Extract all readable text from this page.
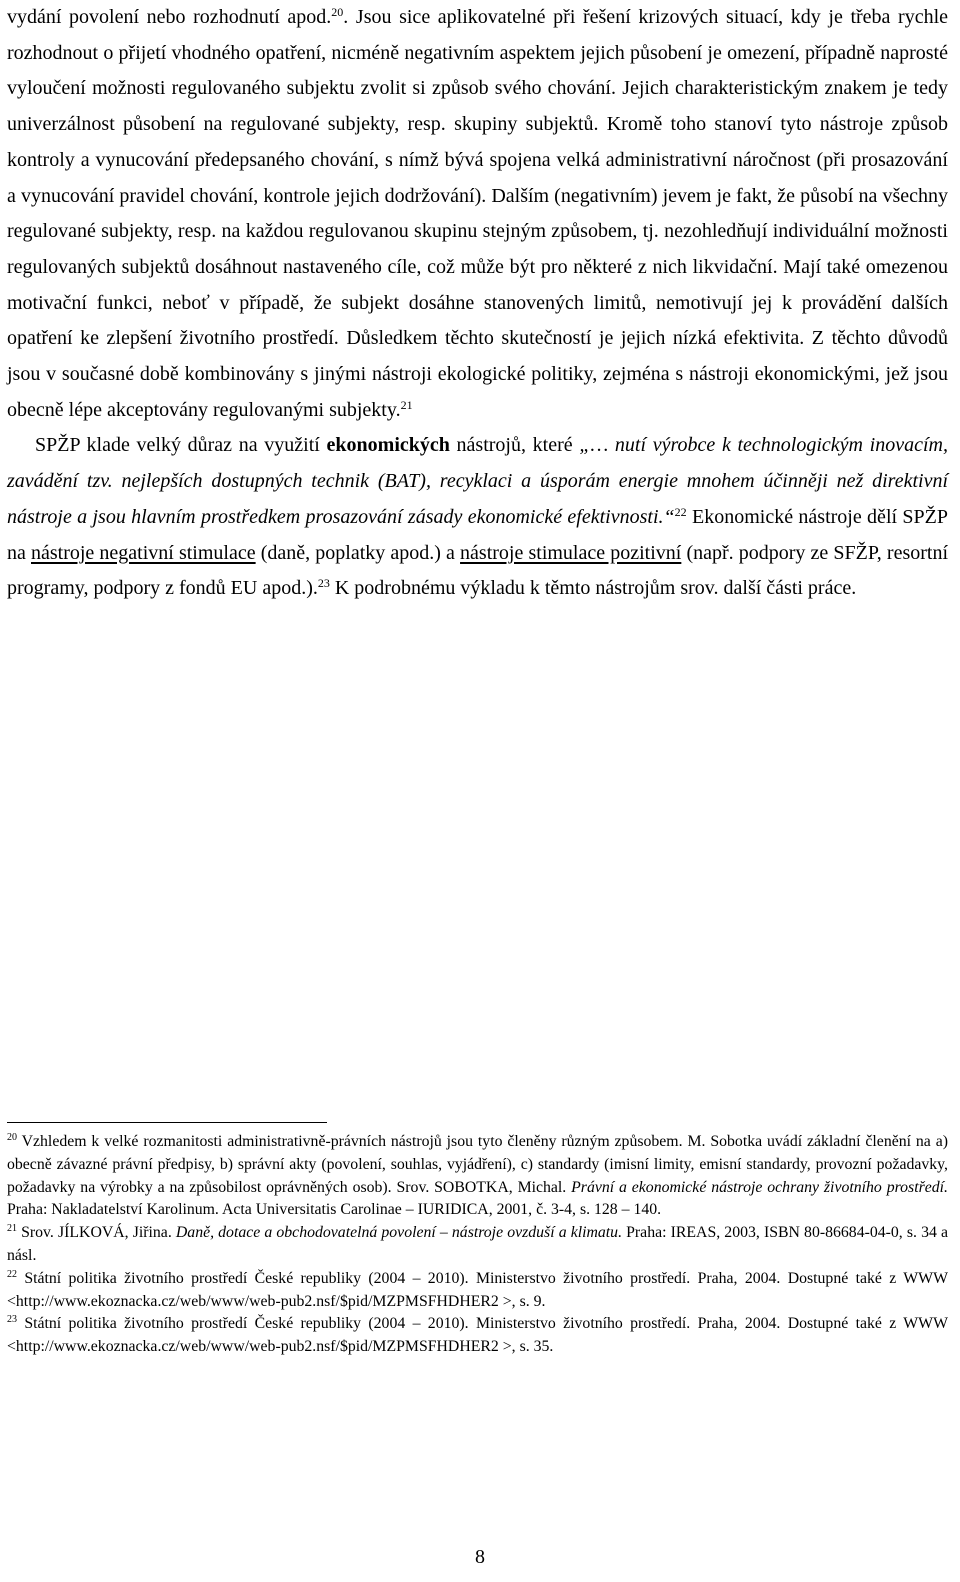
vydání povolení nebo rozhodnutí apod.$^{20}$. Jsou sice aplikovatelné při řešení krizových situací, kdy je třeba rychle rozhodnout o přijetí vhodného opatření, nicméně negativním aspektem jejich působení je omezení, případně naprosté vyloučení možnosti regulovaného subjektu zvolit si způsob svého chování. Jejich charakteristickým znakem je tedy univerzálnost působení na regulované subjekty, resp. skupiny subjektů. Kromě toho stanoví tyto nástroje způsob kontroly a vynucování předepsaného chování, s nímž bývá spojena velká administrativní náročnost (při prosazování a vynucování pravidel chování, kontrole jejich dodržování). Dalším (negativním) jevem je fakt, že působí na všechny regulované subjekty, resp. na každou regulovanou skupinu stejným způsobem, tj. nezohledňují individuální možnosti regulovaných subjektů dosáhnout nastaveného cíle, což může být pro některé z nich likvidační. Mají také omezenou motivační funkci, neboť v případě, že subjekt dosáhne stanovených limitů, nemotivují jej k provádění dalších opatření ke zlepšení životního prostředí. Důsledkem těchto skutečností je jejich nízká efektivita. Z těchto důvodů jsou v současné době kombinovány s jinými nástroji ekologické politiky, zejména s nástroji ekonomickými, jež jsou obecně lépe akceptovány regulovanými subjekty.$^{21}$

SPŽP klade velký důraz na využití ekonomických nástrojů, které „… nutí výrobce k technologickým inovacím, zavádění tzv. nejlepších dostupných technik (BAT), recyklaci a úsporám energie mnohem účinněji než direktivní nástroje a jsou hlavním prostředkem prosazování zásady ekonomické efektivnosti.“$^{22}$ Ekonomické nástroje dělí SPŽP na nástroje negativní stimulace (daně, poplatky apod.) a nástroje stimulace pozitivní (např. podpory ze SFŽP, resortní programy, podpory z fondů EU apod.).$^{23}$ K podrobnému výkladu k těmto nástrojům srov. další části práce.

$^{20}$ Vzhledem k velké rozmanitosti administrativně-právních nástrojů jsou tyto členěny různým způsobem. M. Sobotka uvádí základní členění na a) obecně závazné právní předpisy, b) správní akty (povolení, souhlas, vyjádření), c) standardy (imisní limity, emisní standardy, provozní požadavky, požadavky na výrobky a na způsobilost oprávněných osob). Srov. SOBOTKA, Michal. Právní a ekonomické nástroje ochrany životního prostředí. Praha: Nakladatelství Karolinum. Acta Universitatis Carolinae – IURIDICA, 2001, č. 3-4, s. 128 – 140.

$^{21}$ Srov. JÍLKOVÁ, Jiřina. Daně, dotace a obchodovatelná povolení – nástroje ovzduší a klimatu. Praha: IREAS, 2003, ISBN 80-86684-04-0, s. 34 a násl.

$^{22}$ Státní politika životního prostředí České republiky (2004 – 2010). Ministerstvo životního prostředí. Praha, 2004. Dostupné také z WWW <http://www.ekoznacka.cz/web/www/web-pub2.nsf/$pid/MZPMSFHDHER2 >, s. 9.

$^{23}$ Státní politika životního prostředí České republiky (2004 – 2010). Ministerstvo životního prostředí. Praha, 2004. Dostupné také z WWW <http://www.ekoznacka.cz/web/www/web-pub2.nsf/$pid/MZPMSFHDHER2 >, s. 35.

8
